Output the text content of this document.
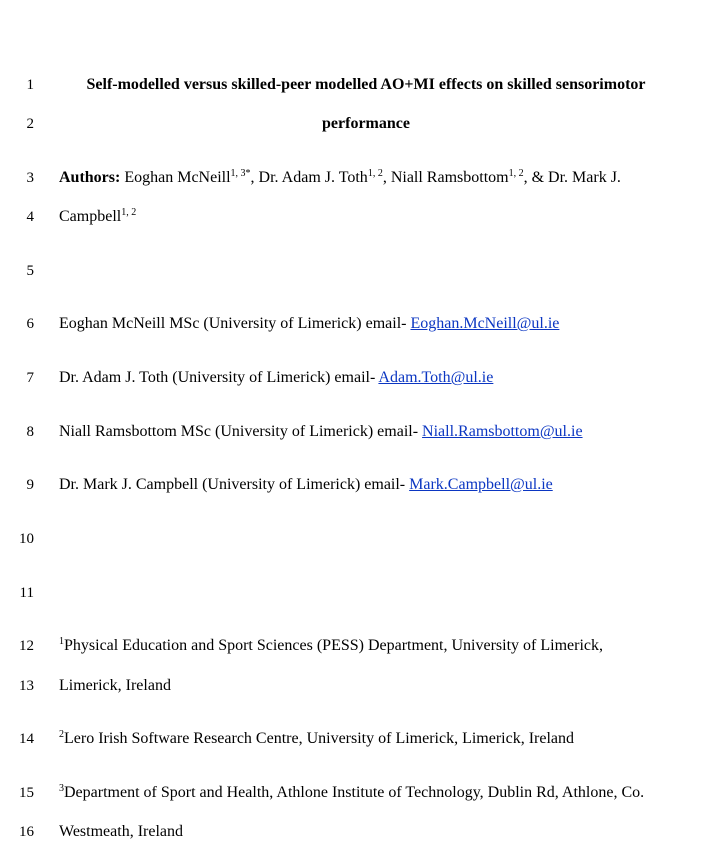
1	Self-modelled versus skilled-peer modelled AO+MI effects on skilled sensorimotor
2	performance
3 Authors: Eoghan McNeill$^{1, 3*}$, Dr. Adam J. Toth$^{1, 2}$, Niall Ramsbottom$^{1, 2}$, & Dr. Mark J.
4 Campbell$^{1, 2}$
5
6 Eoghan McNeill MSc (University of Limerick) email- Eoghan.McNeill@ul.ie
7 Dr. Adam J. Toth (University of Limerick) email- Adam.Toth@ul.ie
8 Niall Ramsbottom MSc (University of Limerick) email- Niall.Ramsbottom@ul.ie
9 Dr. Mark J. Campbell (University of Limerick) email- Mark.Campbell@ul.ie
10
11
12	$^1$Physical Education and Sport Sciences (PESS) Department, University of Limerick,
13 Limerick, Ireland
14	$^2$Lero Irish Software Research Centre, University of Limerick, Limerick, Ireland
15	$^3$Department of Sport and Health, Athlone Institute of Technology, Dublin Rd, Athlone, Co.
16 Westmeath, Ireland
